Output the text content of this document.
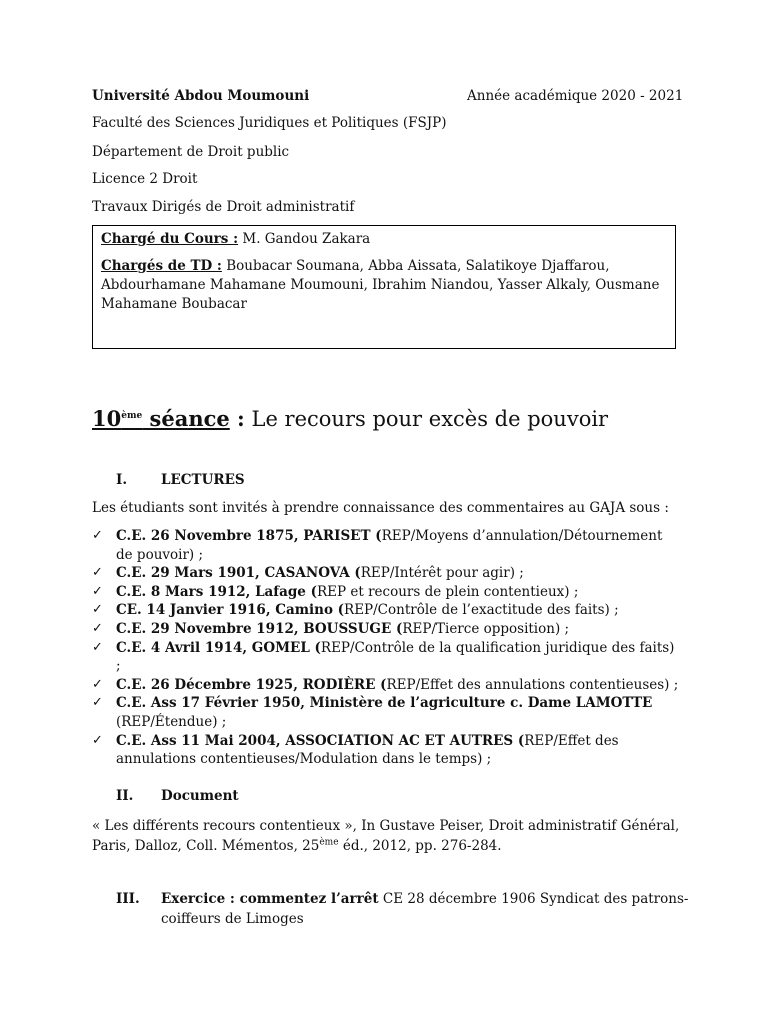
Université Abdou Moumouni	Année académique 2020 - 2021
Faculté des Sciences Juridiques et Politiques (FSJP)
Département de Droit public
Licence 2 Droit
Travaux Dirigés de Droit administratif

Chargé du Cours : M. Gandou Zakara

Chargés de TD : Boubacar Soumana, Abba Aissata, Salatikoye Djaffarou,
Abdourhamane Mahamane Moumouni, Ibrahim Niandou, Yasser Alkaly, Ousmane
Mahamane Boubacar

10ème séance : Le recours pour excès de pouvoir
I.	LECTURES
Les étudiants sont invités à prendre connaissance des commentaires au GAJA sous :
✓ C.E. 26 Novembre 1875, PARISET (REP/Moyens d’annulation/Détournement de pouvoir) ;
✓ C.E. 29 Mars 1901, CASANOVA (REP/Intérêt pour agir) ;
✓ C.E. 8 Mars 1912, Lafage (REP et recours de plein contentieux) ;
✓ CE. 14 Janvier 1916, Camino (REP/Contrôle de l’exactitude des faits) ;
✓ C.E. 29 Novembre 1912, BOUSSUGE (REP/Tierce opposition) ;
✓ C.E. 4 Avril 1914, GOMEL (REP/Contrôle de la qualification juridique des faits) ;
✓ C.E. 26 Décembre 1925, RODIÈRE (REP/Effet des annulations contentieuses) ;
✓ C.E. Ass 17 Février 1950, Ministère de l’agriculture c. Dame LAMOTTE (REP/Étendue) ;
✓ C.E. Ass 11 Mai 2004, ASSOCIATION AC ET AUTRES (REP/Effet des annulations contentieuses/Modulation dans le temps) ;
II. Document
« Les différents recours contentieux », In Gustave Peiser, Droit administratif Général,
Paris, Dalloz, Coll. Mémentos, 25ème éd., 2012, pp. 276-284.
III. Exercice : commentez l’arrêt CE 28 décembre 1906 Syndicat des patrons-
coiffeurs de Limoges
